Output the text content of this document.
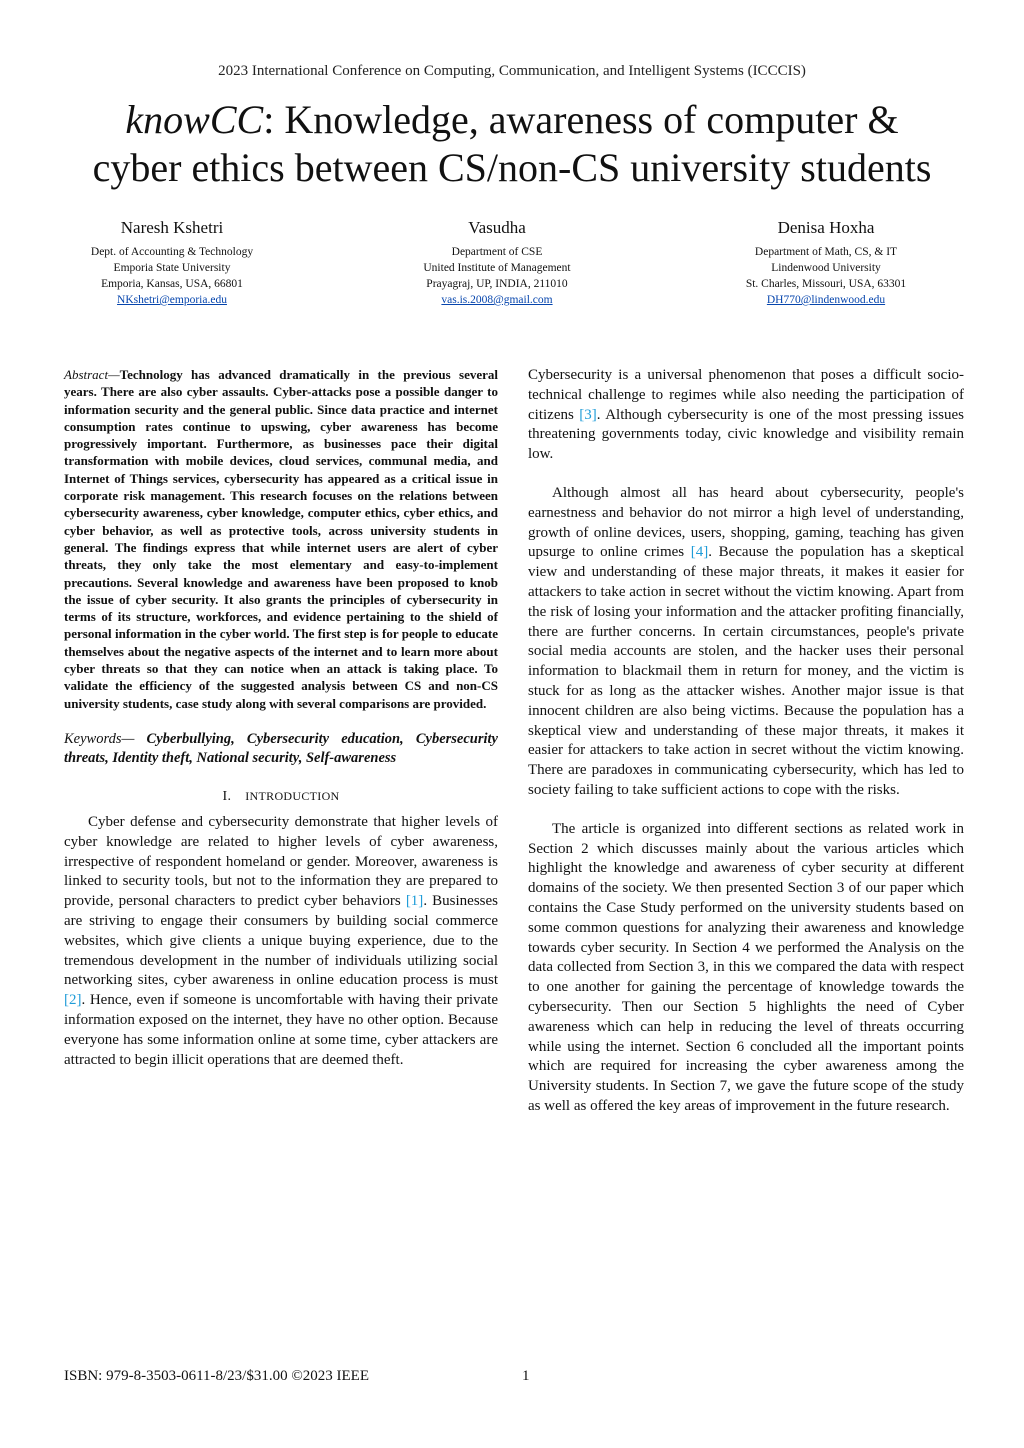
2023 International Conference on Computing, Communication, and Intelligent Systems (ICCCIS)
knowCC: Knowledge, awareness of computer &
cyber ethics between CS/non-CS university students
Naresh Kshetri
Dept. of Accounting & Technology
Emporia State University
Emporia, Kansas, USA, 66801
NKshetri@emporia.edu
Vasudha
Department of CSE
United Institute of Management
Prayagraj, UP, INDIA, 211010
vas.is.2008@gmail.com
Denisa Hoxha
Department of Math, CS, & IT
Lindenwood University
St. Charles, Missouri, USA, 63301
DH770@lindenwood.edu

Abstract—Technology has advanced dramatically in the previous several years. There are also cyber assaults. Cyber-attacks pose a possible danger to information security and the general public. Since data practice and internet consumption rates continue to upswing, cyber awareness has become progressively important. Furthermore, as businesses pace their digital transformation with mobile devices, cloud services, communal media, and Internet of Things services, cybersecurity has appeared as a critical issue in corporate risk management. This research focuses on the relations between cybersecurity awareness, cyber knowledge, computer ethics, cyber ethics, and cyber behavior, as well as protective tools, across university students in general. The findings express that while internet users are alert of cyber threats, they only take the most elementary and easy-to-implement precautions. Several knowledge and awareness have been proposed to knob the issue of cyber security. It also grants the principles of cybersecurity in terms of its structure, workforces, and evidence pertaining to the shield of personal information in the cyber world. The first step is for people to educate themselves about the negative aspects of the internet and to learn more about cyber threats so that they can notice when an attack is taking place. To validate the efficiency of the suggested analysis between CS and non-CS university students, case study along with several comparisons are provided.

Keywords— Cyberbullying, Cybersecurity education, Cybersecurity threats, Identity theft, National security, Self-awareness

I. INTRODUCTION

Cyber defense and cybersecurity demonstrate that higher levels of cyber knowledge are related to higher levels of cyber awareness, irrespective of respondent homeland or gender. Moreover, awareness is linked to security tools, but not to the information they are prepared to provide, personal characters to predict cyber behaviors [1]. Businesses are striving to engage their consumers by building social commerce websites, which give clients a unique buying experience, due to the tremendous development in the number of individuals utilizing social networking sites, cyber awareness in online education process is must [2]. Hence, even if someone is uncomfortable with having their private information exposed on the internet, they have no other option. Because everyone has some information online at some time, cyber attackers are attracted to begin illicit operations that are deemed theft.

Cybersecurity is a universal phenomenon that poses a difficult socio-technical challenge to regimes while also needing the participation of citizens [3]. Although cybersecurity is one of the most pressing issues threatening governments today, civic knowledge and visibility remain low.

Although almost all has heard about cybersecurity, people's earnestness and behavior do not mirror a high level of understanding, growth of online devices, users, shopping, gaming, teaching has given upsurge to online crimes [4]. Because the population has a skeptical view and understanding of these major threats, it makes it easier for attackers to take action in secret without the victim knowing. Apart from the risk of losing your information and the attacker profiting financially, there are further concerns. In certain circumstances, people's private social media accounts are stolen, and the hacker uses their personal information to blackmail them in return for money, and the victim is stuck for as long as the attacker wishes. Another major issue is that innocent children are also being victims. Because the population has a skeptical view and understanding of these major threats, it makes it easier for attackers to take action in secret without the victim knowing. There are paradoxes in communicating cybersecurity, which has led to society failing to take sufficient actions to cope with the risks.

The article is organized into different sections as related work in Section 2 which discusses mainly about the various articles which highlight the knowledge and awareness of cyber security at different domains of the society. We then presented Section 3 of our paper which contains the Case Study performed on the university students based on some common questions for analyzing their awareness and knowledge towards cyber security. In Section 4 we performed the Analysis on the data collected from Section 3, in this we compared the data with respect to one another for gaining the percentage of knowledge towards the cybersecurity. Then our Section 5 highlights the need of Cyber awareness which can help in reducing the level of threats occurring while using the internet. Section 6 concluded all the important points which are required for increasing the cyber awareness among the University students. In Section 7, we gave the future scope of the study as well as offered the key areas of improvement in the future research.

ISBN: 979-8-3503-0611-8/23/$31.00 ©2023 IEEE	1
